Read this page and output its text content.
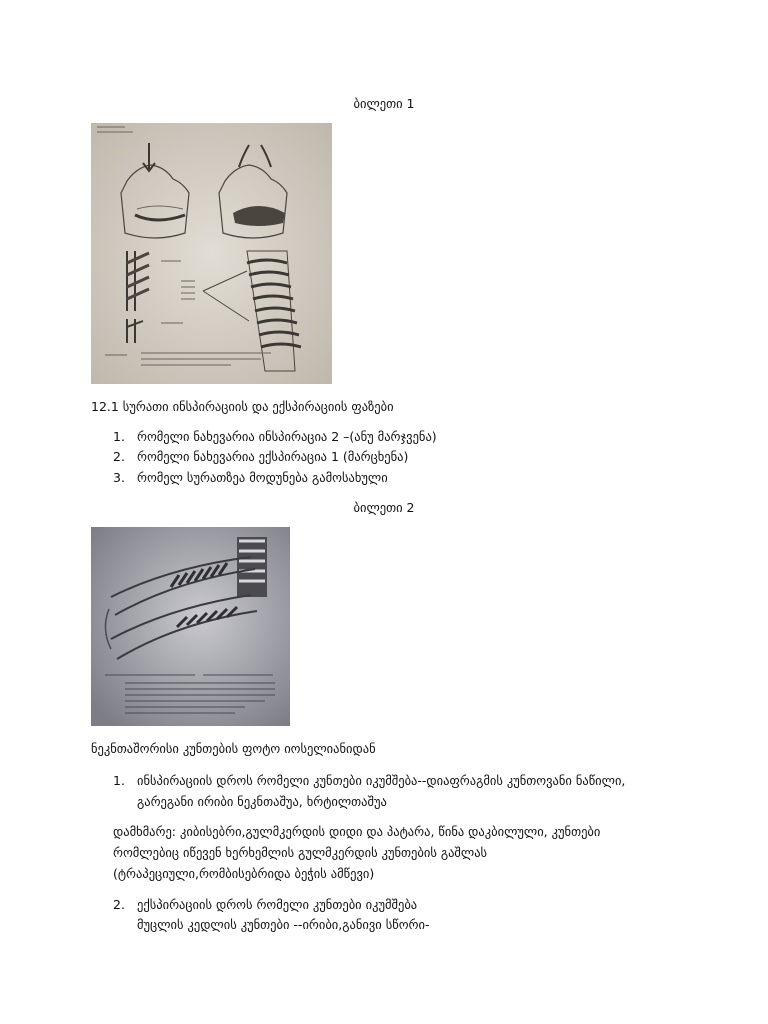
ბილეთი 1
12.1 სურათი ინსპირაციის და ექსპირაციის ფაზები
1. რომელი ნახევარია ინსპირაცია 2 –(ანუ მარჯვენა)
2. რომელი ნახევარია ექსპირაცია 1 (მარცხენა)
3. რომელ სურათზეა მოდუნება გამოსახული
ბილეთი 2
ნეკნთაშორისი კუნთების ფოტო იოსელიანიდან
1. ინსპირაციის დროს რომელი კუნთები იკუმშება--დიაფრაგმის კუნთოვანი ნაწილი,
გარეგანი ირიბი ნეკნთაშუა, ხრტილთაშუა
დამხმარე: კიბისებრი,გულმკერდის დიდი და პატარა, წინა დაკბილული, კუნთები
რომლებიც იწევენ ხერხემლის გულმკერდის კუნთების გაშლას
(ტრაპეციული,რომბისებრიდა ბეჭის ამწევი)
2. ექსპირაციის დროს რომელი კუნთები იკუმშება
მუცლის კედლის კუნთები --ირიბი,განივი სწორი-
